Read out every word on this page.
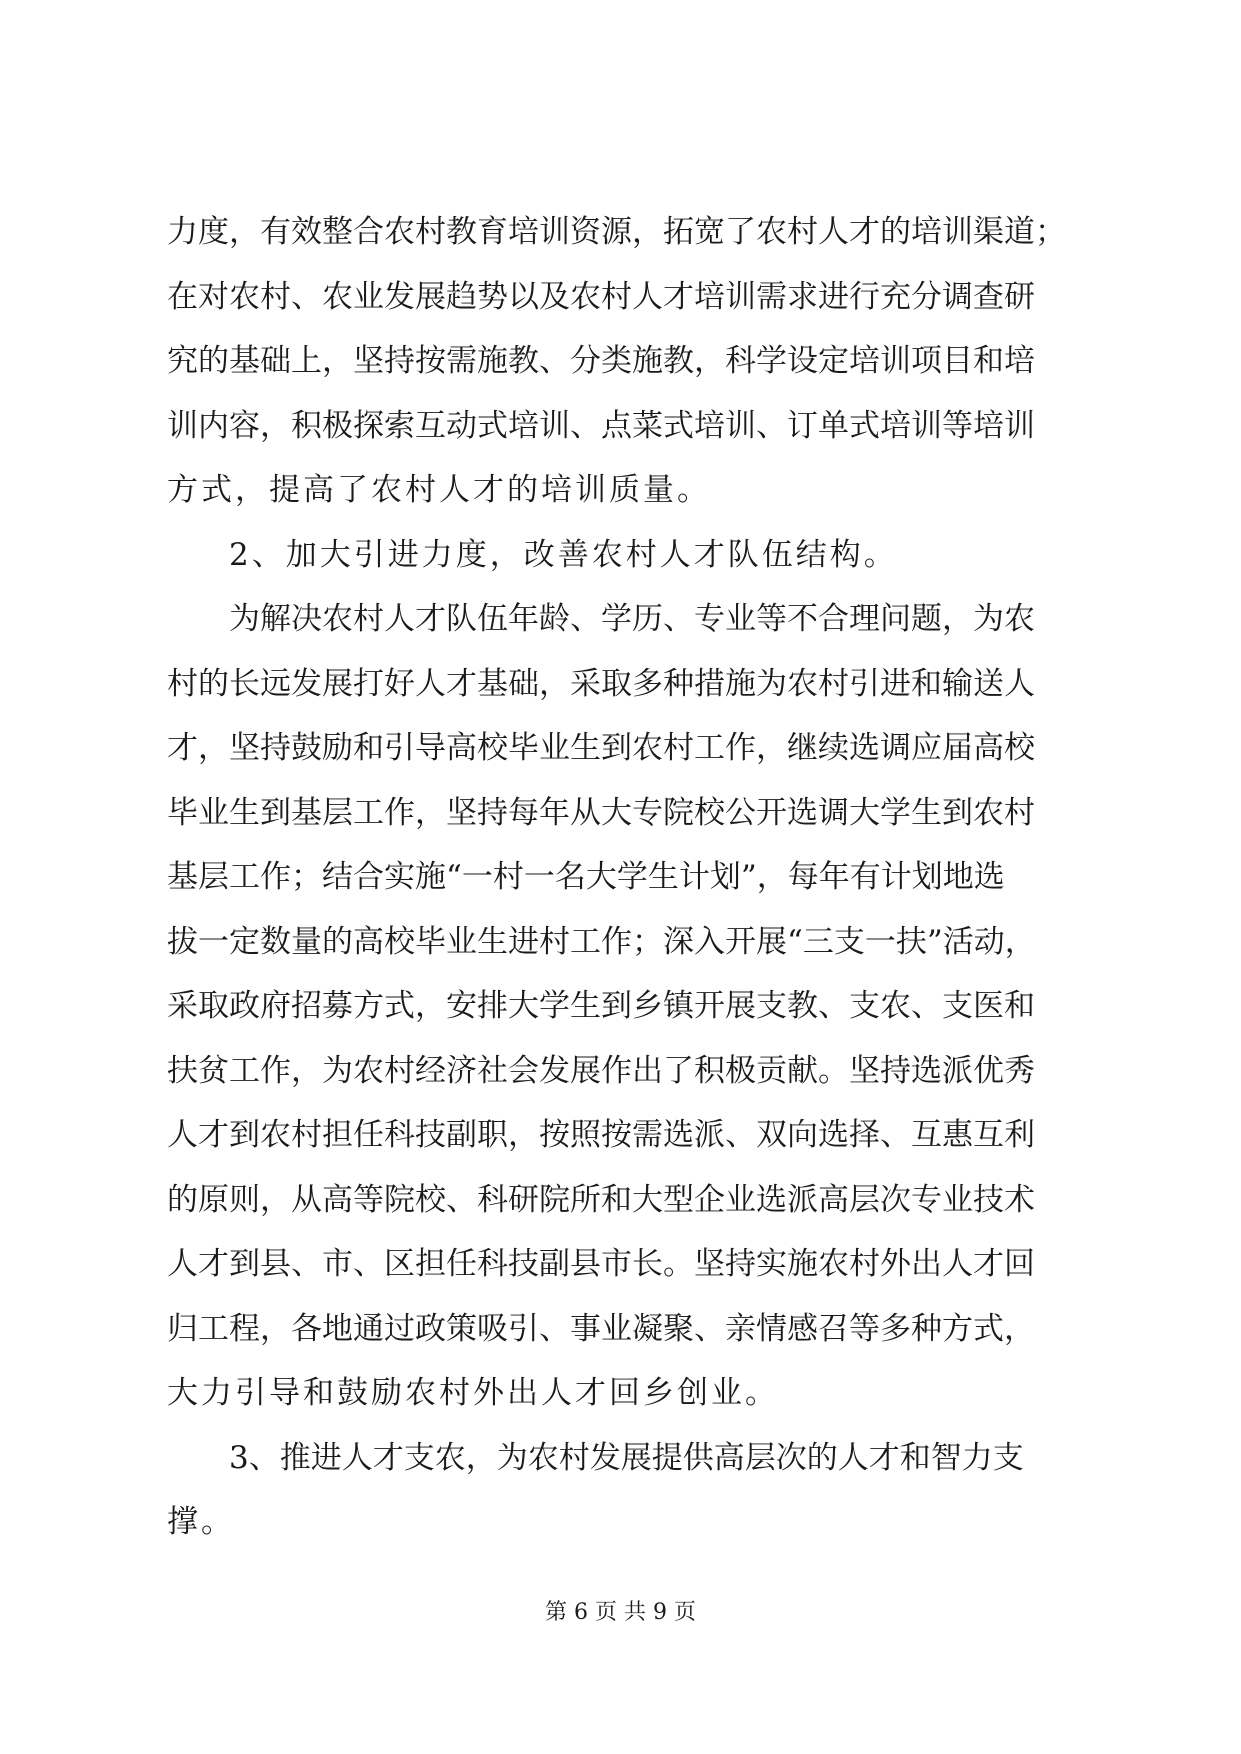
力度，有效整合农村教育培训资源，拓宽了农村人才的培训渠道；
在对农村、农业发展趋势以及农村人才培训需求进行充分调查研
究的基础上，坚持按需施教、分类施教，科学设定培训项目和培
训内容，积极探索互动式培训、点菜式培训、订单式培训等培训
方式，提高了农村人才的培训质量。
2、加大引进力度，改善农村人才队伍结构。
为解决农村人才队伍年龄、学历、专业等不合理问题，为农
村的长远发展打好人才基础，采取多种措施为农村引进和输送人
才，坚持鼓励和引导高校毕业生到农村工作，继续选调应届高校
毕业生到基层工作，坚持每年从大专院校公开选调大学生到农村
基层工作；结合实施“一村一名大学生计划”，每年有计划地选
拔一定数量的高校毕业生进村工作；深入开展“三支一扶”活动，
采取政府招募方式，安排大学生到乡镇开展支教、支农、支医和
扶贫工作，为农村经济社会发展作出了积极贡献。坚持选派优秀
人才到农村担任科技副职，按照按需选派、双向选择、互惠互利
的原则，从高等院校、科研院所和大型企业选派高层次专业技术
人才到县、市、区担任科技副县市长。坚持实施农村外出人才回
归工程，各地通过政策吸引、事业凝聚、亲情感召等多种方式，
大力引导和鼓励农村外出人才回乡创业。
3、推进人才支农，为农村发展提供高层次的人才和智力支
撑。
第 6 页 共 9 页
